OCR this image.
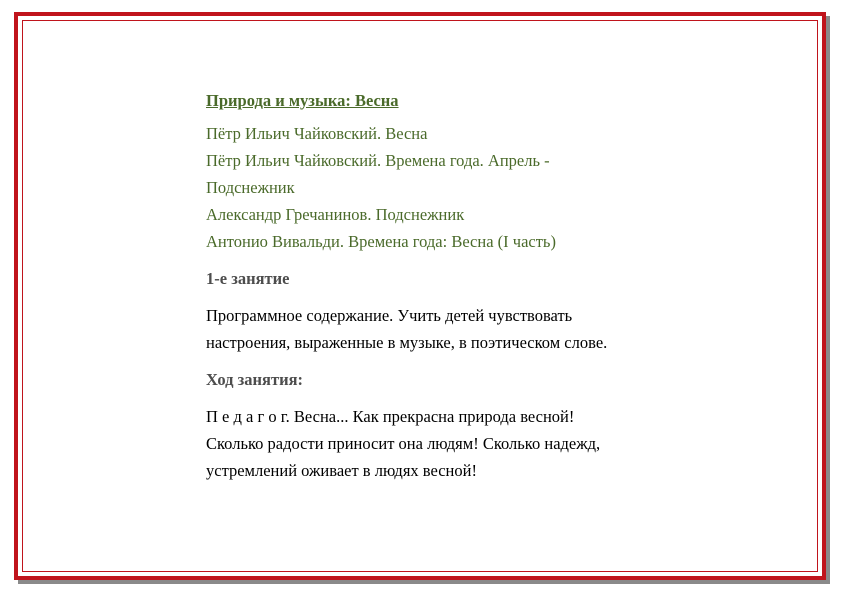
Природа и музыка: Весна
Пётр Ильич Чайковский. Весна
Пётр Ильич Чайковский. Времена года. Апрель -
Подснежник
Александр Гречанинов. Подснежник
Антонио Вивальди. Времена года: Весна (I часть)
1-е занятие
Программное содержание. Учить детей чувствовать
настроения, выраженные в музыке, в поэтическом слове.
Ход занятия:
П е д а г о г. Весна... Как прекрасна природа весной!
Сколько радости приносит она людям! Сколько надежд,
устремлений оживает в людях весной!
